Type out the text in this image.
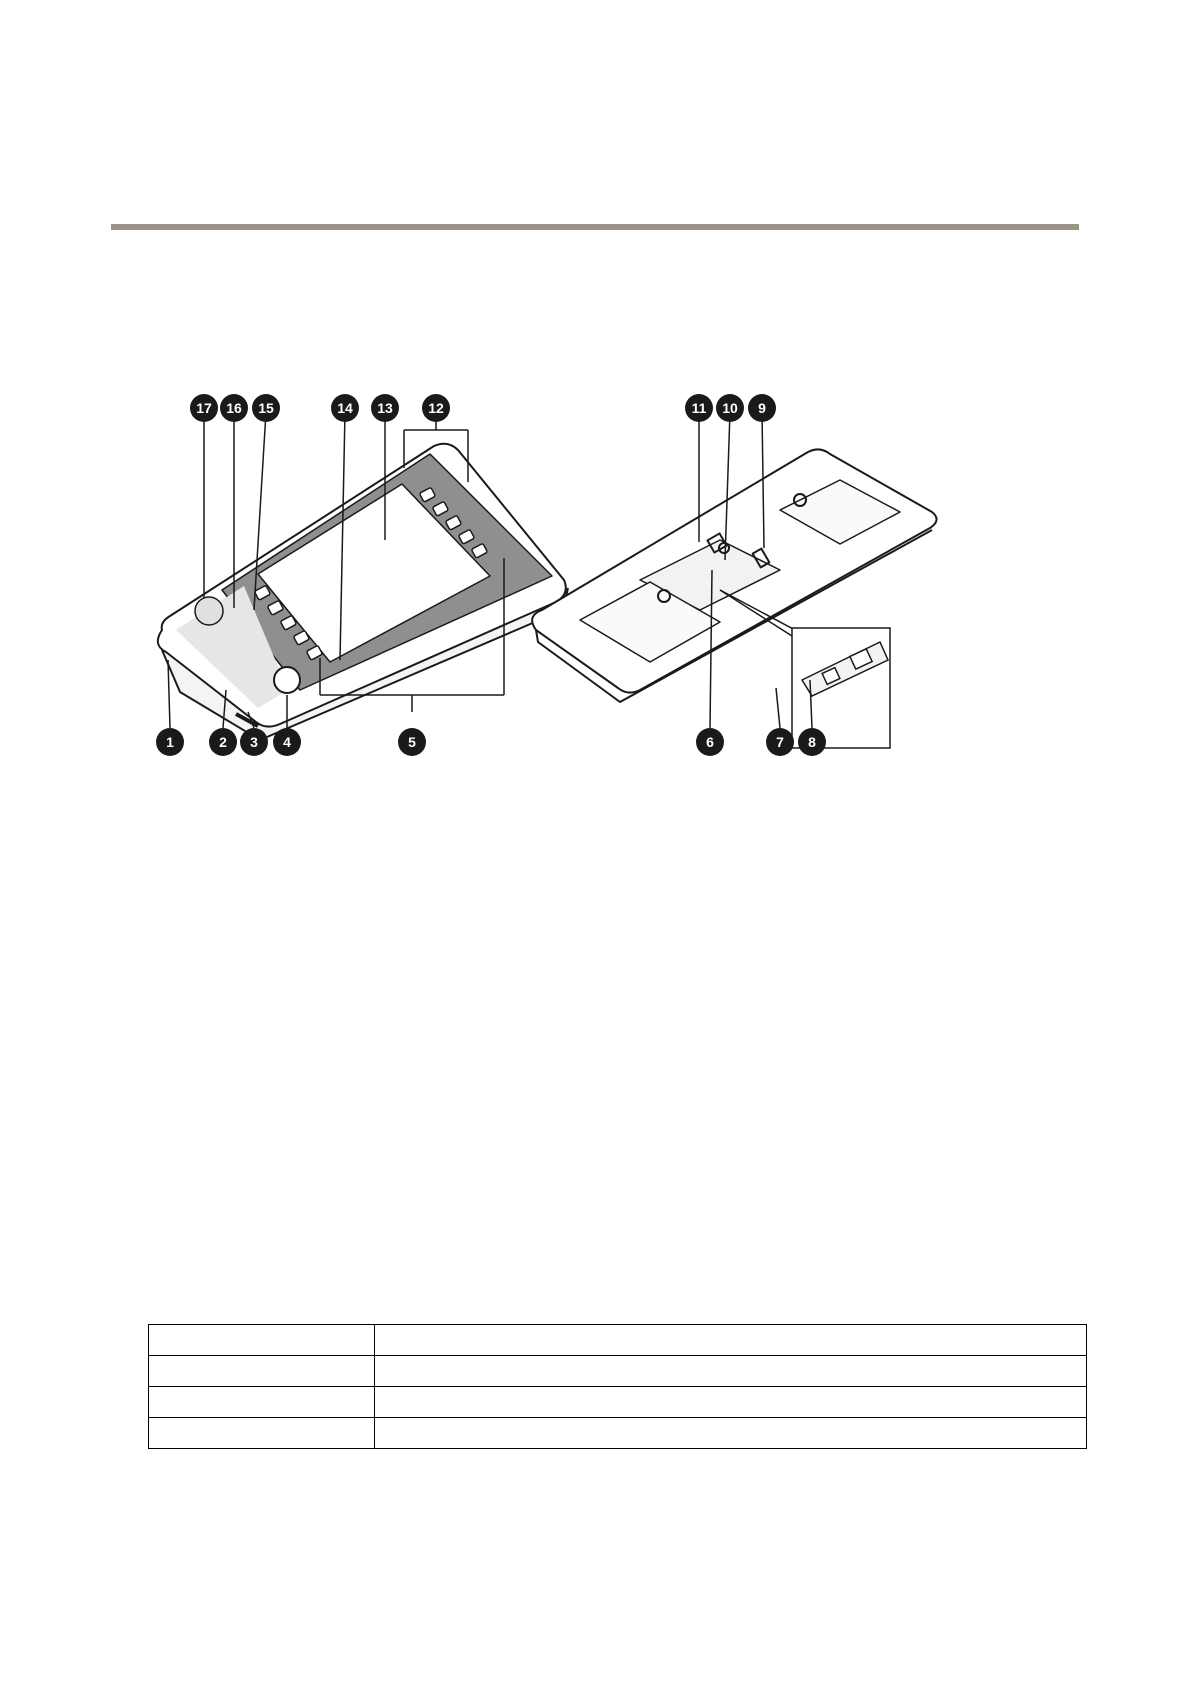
17 16 15	14 13	12	11 10 9
1	2 3 4	5	6	7 8
